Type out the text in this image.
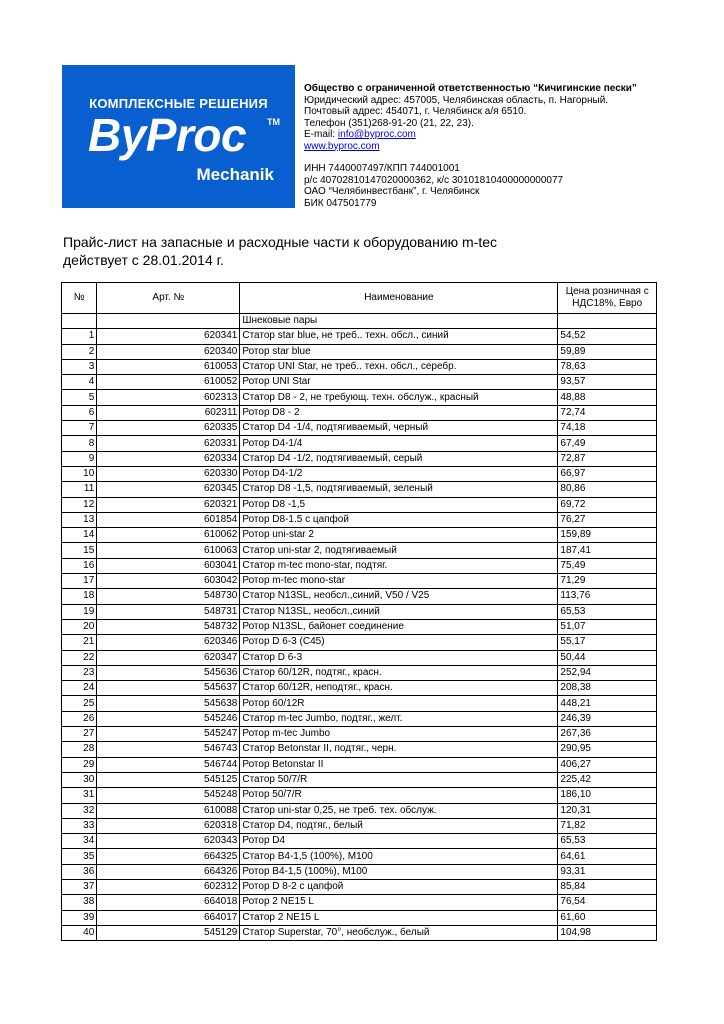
КОМПЛЕКСНЫЕ РЕШЕНИЯ
ByProc TM
Mechanik
Общество с ограниченной ответственностью “Кичигинские пески”
Юридический адрес: 457005, Челябинская область, п. Нагорный.
Почтовый адрес: 454071, г. Челябинск а/я 6510.
Телефон (351)268-91-20 (21, 22, 23).
E-mail: info@byproc.com
www.byproc.com
ИНН 7440007497/КПП 744001001
р/с 40702810147020000362, к/с 30101810400000000077
ОАО “Челябинвестбанк”, г. Челябинск
БИК 047501779
Прайс-лист на запасные и расходные части к оборудованию m-tec
действует с 28.01.2014 г.
№	Арт. №	Наименование	Цена розничная с НДС18%, Евро
		Шнековые пары	
1	620341	Статор star blue, не треб.. техн. обсл., синий	54,52
2	620340	Ротор star blue	59,89
3	610053	Статор UNI Star, не треб.. техн. обсл., серебр.	78,63
4	610052	Ротор UNI Star	93,57
5	602313	Статор D8 - 2, не требующ. техн. обслуж., красный	48,88
6	602311	Ротор D8 - 2	72,74
7	620335	Статор D4 -1/4, подтягиваемый, черный	74,18
8	620331	Ротор D4-1/4	67,49
9	620334	Статор D4 -1/2, подтягиваемый, серый	72,87
10	620330	Ротор D4-1/2	66,97
11	620345	Статор D8 -1,5, подтягиваемый, зеленый	80,86
12	620321	Ротор D8 -1,5	69,72
13	601854	Ротор D8-1.5 с цапфой	76,27
14	610062	Ротор uni-star 2	159,89
15	610063	Статор uni-star 2, подтягиваемый	187,41
16	603041	Статор m-tec mono-star, подтяг.	75,49
17	603042	Ротор m-tec mono-star	71,29
18	548730	Статор N13SL, необсл.,синий, V50 / V25	113,76
19	548731	Статор N13SL, необсл.,синий	65,53
20	548732	Ротор N13SL, байонет соединение	51,07
21	620346	Ротор D 6-3 (C45)	55,17
22	620347	Статор D 6-3	50,44
23	545636	Статор 60/12R, подтяг., красн.	252,94
24	545637	Статор 60/12R, неподтяг., красн.	208,38
25	545638	Ротор 60/12R	448,21
26	545246	Статор m-tec Jumbo, подтяг., желт.	246,39
27	545247	Ротор m-tec Jumbo	267,36
28	546743	Статор Betonstar II, подтяг., черн.	290,95
29	546744	Ротор Betonstar II	406,27
30	545125	Статор 50/7/R	225,42
31	545248	Ротор 50/7/R	186,10
32	610088	Статор uni-star 0,25, не треб. тех. обслуж.	120,31
33	620318	Статор D4, подтяг., белый	71,82
34	620343	Ротор D4	65,53
35	664325	Статор B4-1,5 (100%), M100	64,61
36	664326	Ротор B4-1,5 (100%), M100	93,31
37	602312	Ротор D 8-2 с цапфой	85,84
38	664018	Ротор 2 NE15 L	76,54
39	664017	Статор 2 NE15 L	61,60
40	545129	Статор Superstar, 70°, необслуж., белый	104,98
